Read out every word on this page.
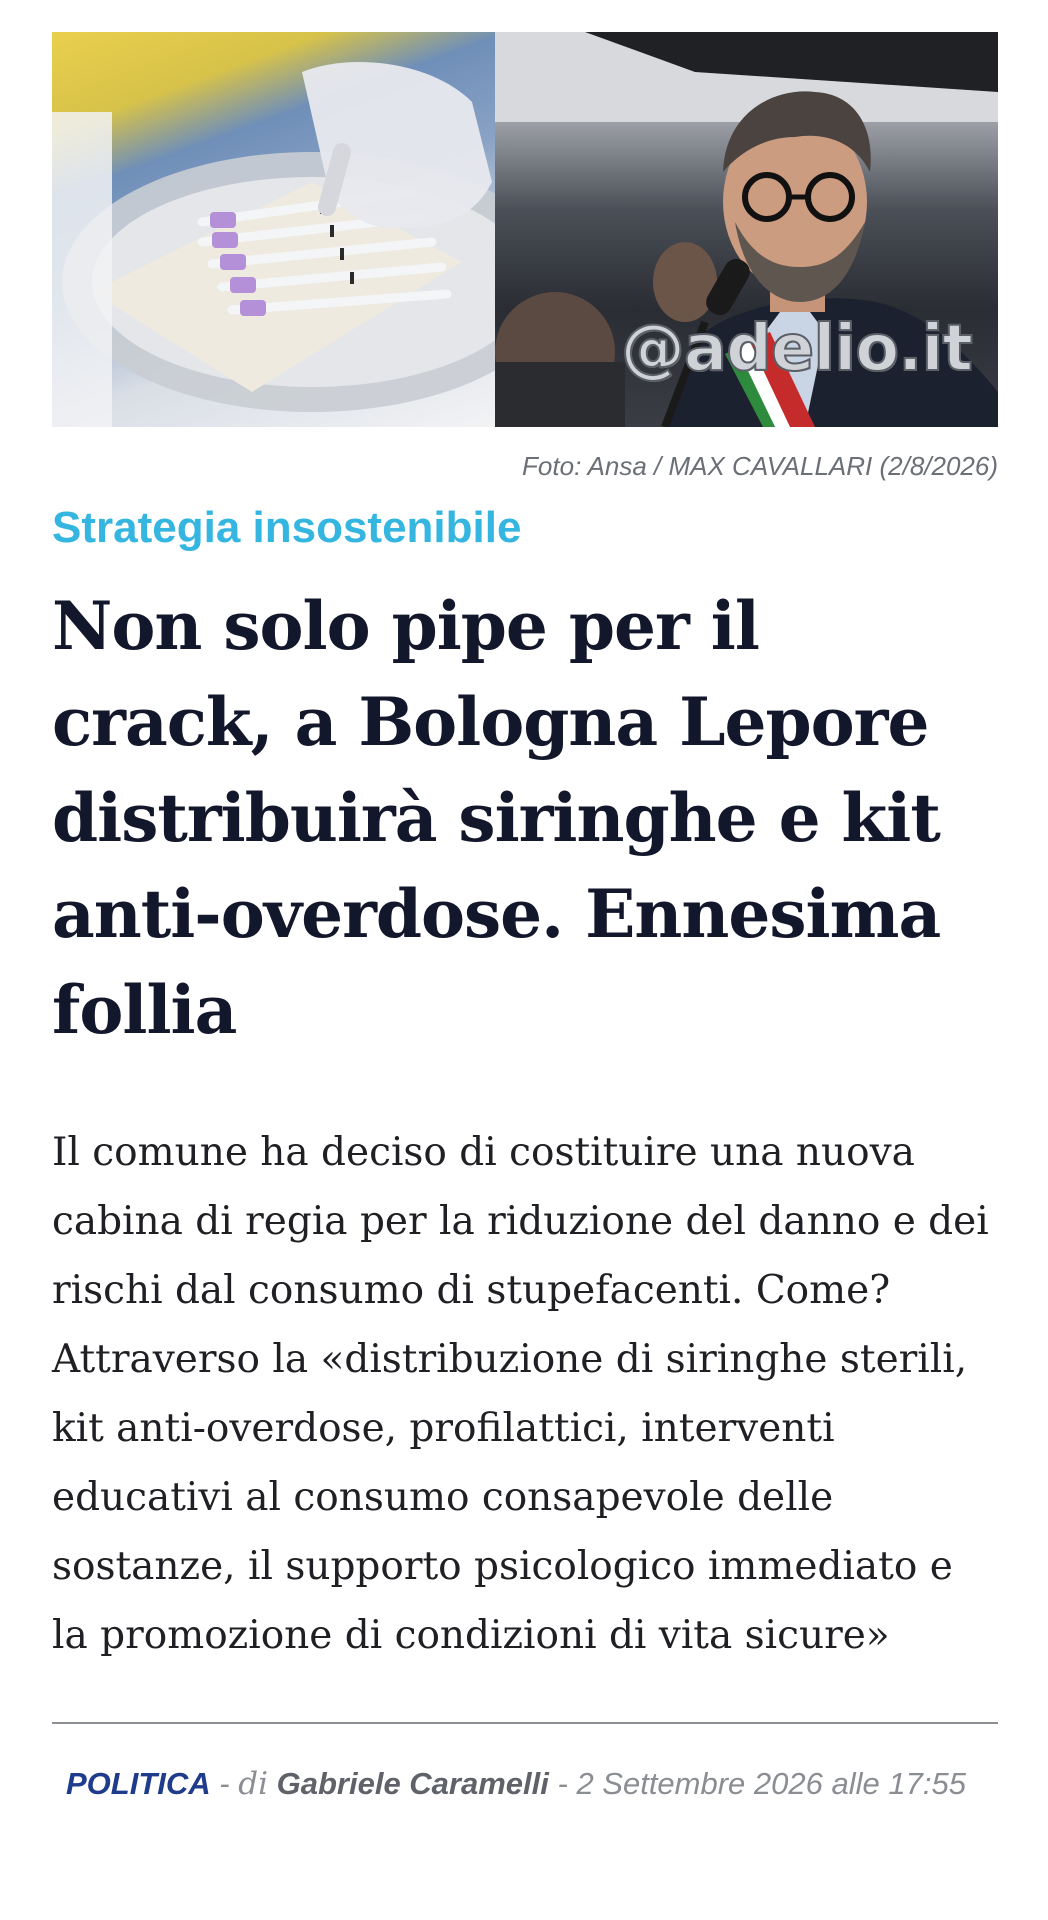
@adelio.it
Foto: Ansa / MAX CAVALLARI (2/8/2026)
Strategia insostenibile
Non solo pipe per il crack, a Bologna Lepore distribuirà siringhe e kit anti-overdose. Ennesima follia

Il comune ha deciso di costituire una nuova cabina di regia per la riduzione del danno e dei rischi dal consumo di stupefacenti. Come? Attraverso la «distribuzione di siringhe sterili, kit anti-overdose, profilattici, interventi educativi al consumo consapevole delle sostanze, il supporto psicologico immediato e la promozione di condizioni di vita sicure»

POLITICA - di Gabriele Caramelli - 2 Settembre 2026 alle 17:55
